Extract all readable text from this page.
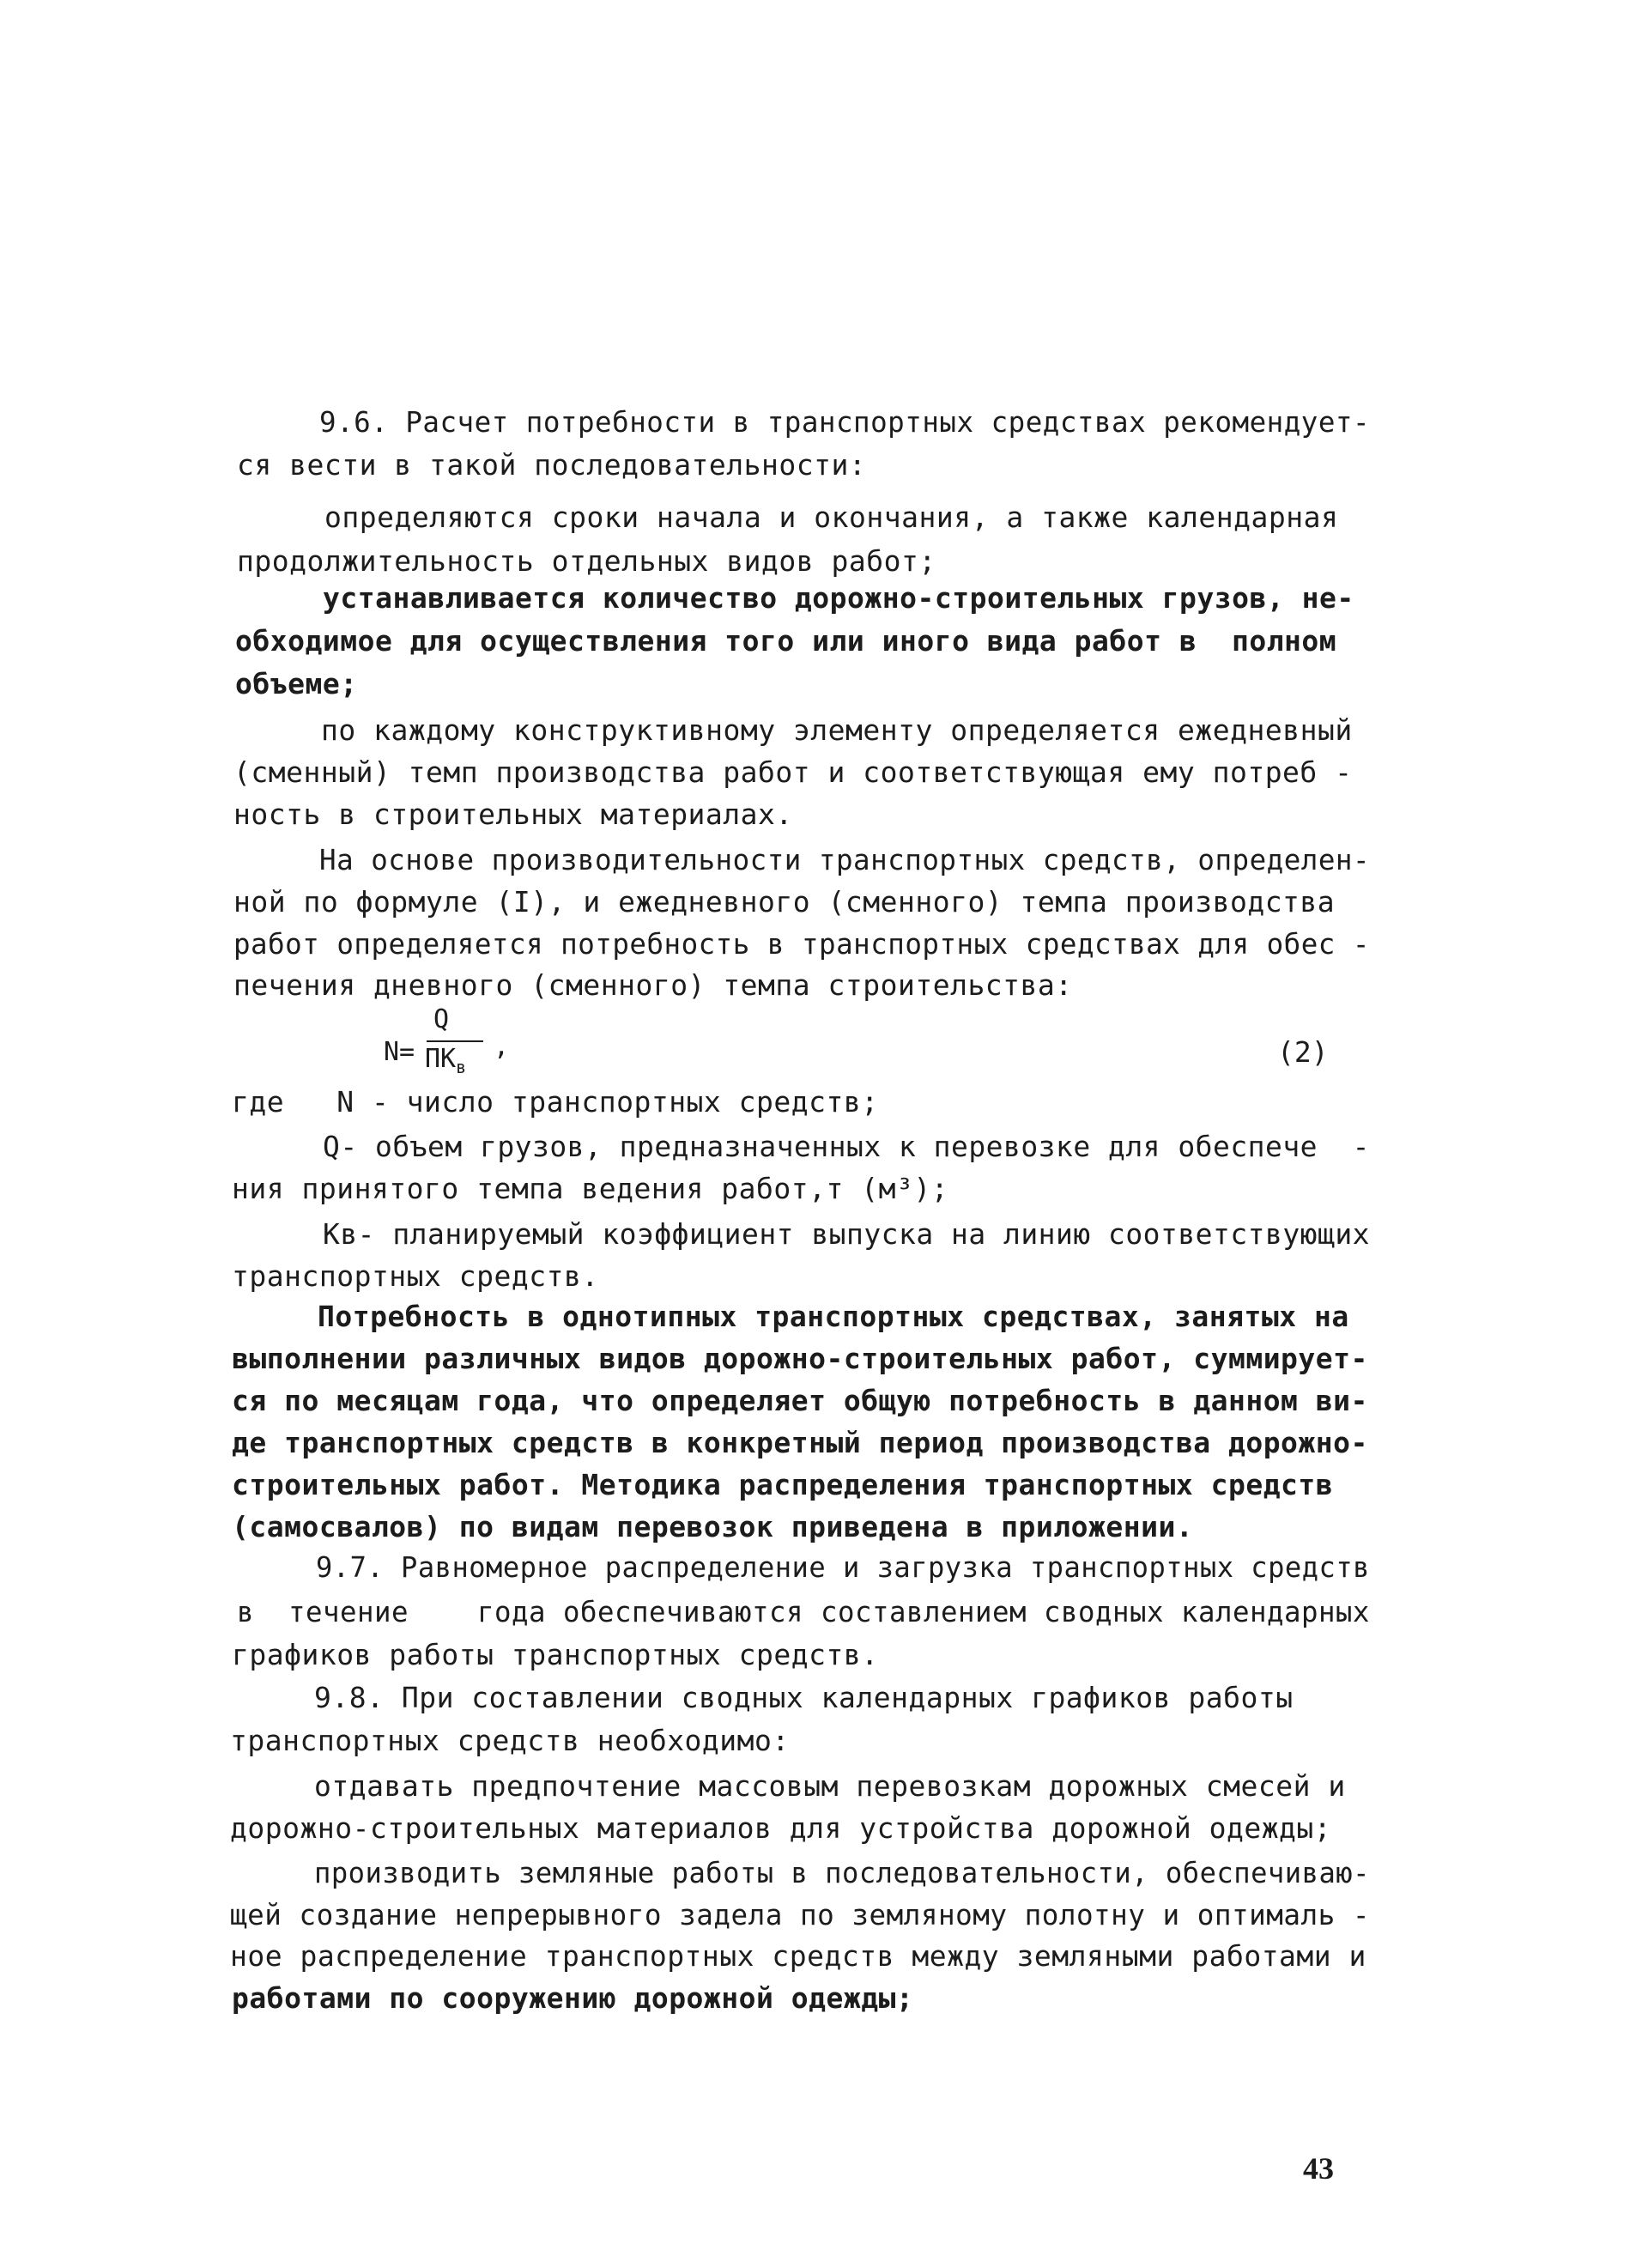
9.6. Расчет потребности в транспортных средствах рекомендует-
ся вести в такой последовательности:
определяются сроки начала и окончания, а также календарная
продолжительность отдельных видов работ;
устанавливается количество дорожно-строительных грузов, не-
обходимое для осуществления того или иного вида работ в  полном
объеме;
по каждому конструктивному элементу определяется ежедневный
(сменный) темп производства работ и соответствующая ему потреб -
ность в строительных материалах.
На основе производительности транспортных средств, определен-
ной по формуле (I), и ежедневного (сменного) темпа производства
работ определяется потребность в транспортных средствах для обес -
печения дневного (сменного) темпа строительства:
N=
Q
$ПК_в$
,	(2)
где   N - число транспортных средств;
Q- объем грузов, предназначенных к перевозке для обеспече  -
ния принятого темпа ведения работ,т (м³);
Кв- планируемый коэффициент выпуска на линию соответствующих
транспортных средств.
Потребность в однотипных транспортных средствах, занятых на
выполнении различных видов дорожно-строительных работ, суммирует-
ся по месяцам года, что определяет общую потребность в данном ви-
де транспортных средств в конкретный период производства дорожно-
строительных работ. Методика распределения транспортных средств
(самосвалов) по видам перевозок приведена в приложении.
9.7. Равномерное распределение и загрузка транспортных средств
в  течение    года обеспечиваются составлением сводных календарных
графиков работы транспортных средств.
9.8. При составлении сводных календарных графиков работы
транспортных средств необходимо:
отдавать предпочтение массовым перевозкам дорожных смесей и
дорожно-строительных материалов для устройства дорожной одежды;
производить земляные работы в последовательности, обеспечиваю-
щей создание непрерывного задела по земляному полотну и оптималь -
ное распределение транспортных средств между земляными работами и
работами по сооружению дорожной одежды;
43
